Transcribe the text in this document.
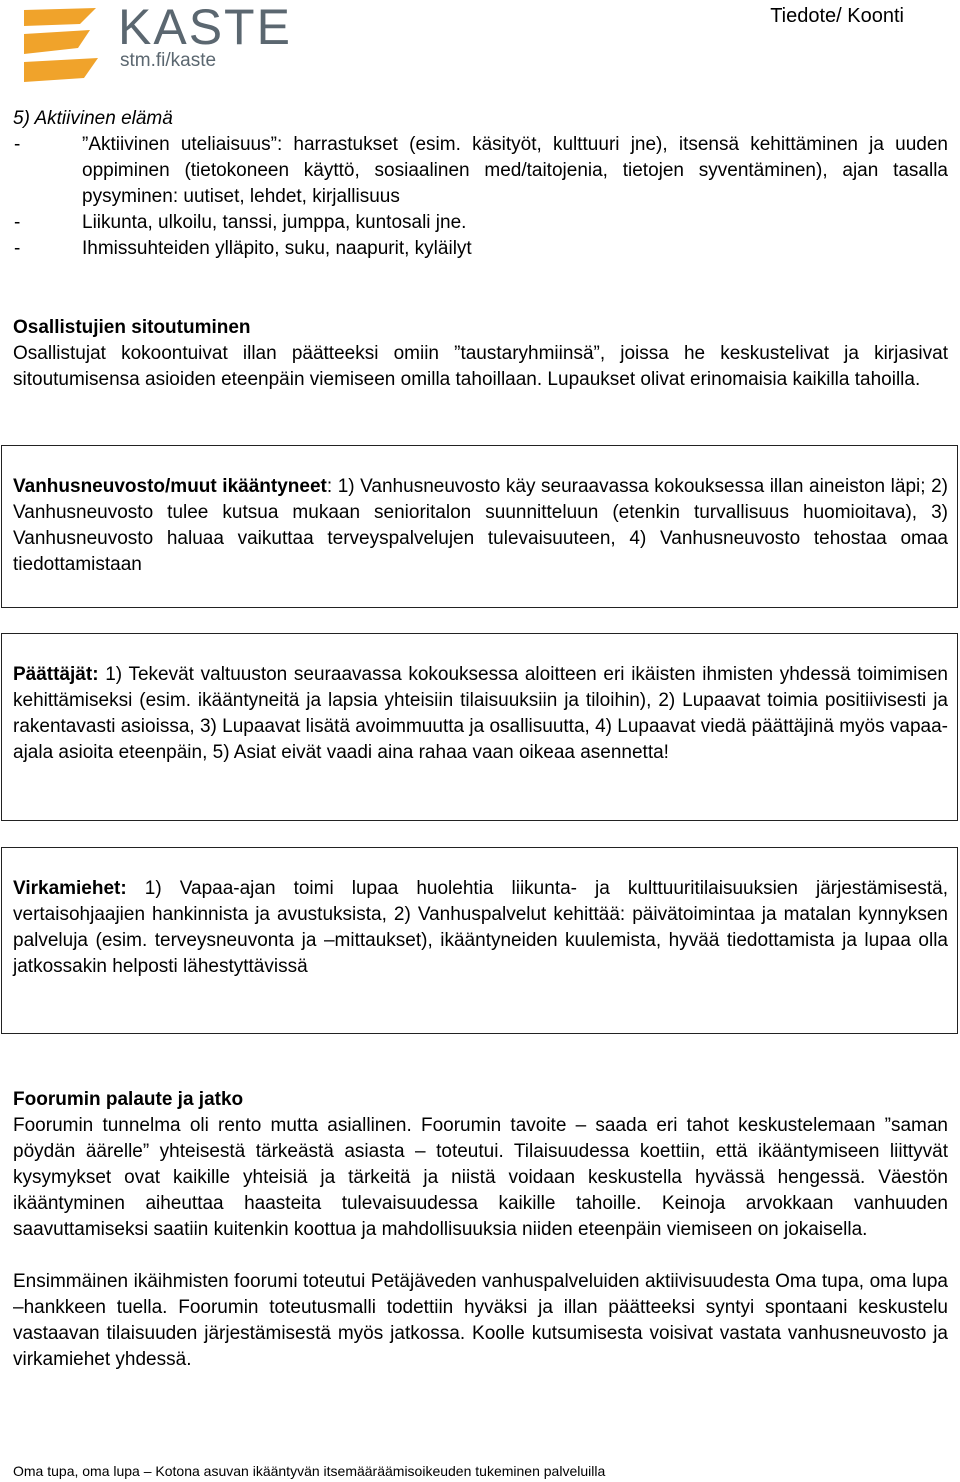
KASTE
stm.fi/kaste
Tiedote/ Koonti
5) Aktiivinen elämä
-	”Aktiivinen uteliaisuus”: harrastukset (esim. käsityöt, kulttuuri jne), itsensä kehittäminen ja uuden oppiminen (tietokoneen käyttö, sosiaalinen med/taitojenia, tietojen syventäminen), ajan tasalla pysyminen: uutiset, lehdet, kirjallisuus
-	Liikunta, ulkoilu, tanssi, jumppa, kuntosali jne.
-	Ihmissuhteiden ylläpito, suku, naapurit, kyläilyt
Osallistujien sitoutuminen
Osallistujat kokoontuivat illan päätteeksi omiin ”taustaryhmiinsä”, joissa he keskustelivat ja kirjasivat sitoutumisensa asioiden eteenpäin viemiseen omilla tahoillaan. Lupaukset olivat erinomaisia kaikilla tahoilla.
Vanhusneuvosto/muut ikääntyneet: 1) Vanhusneuvosto käy seuraavassa kokouksessa illan aineiston läpi; 2) Vanhusneuvosto tulee kutsua mukaan senioritalon suunnitteluun (etenkin turvallisuus huomioitava), 3) Vanhusneuvosto haluaa vaikuttaa terveyspalvelujen tulevaisuuteen, 4) Vanhusneuvosto tehostaa omaa tiedottamistaan
Päättäjät: 1) Tekevät valtuuston seuraavassa kokouksessa aloitteen eri ikäisten ihmisten yhdessä toimimisen kehittämiseksi (esim. ikääntyneitä ja lapsia yhteisiin tilaisuuksiin ja tiloihin), 2) Lupaavat toimia positiivisesti ja rakentavasti asioissa, 3) Lupaavat lisätä avoimmuutta ja osallisuutta, 4) Lupaavat viedä päättäjinä myös vapaa-ajala asioita eteenpäin, 5) Asiat eivät vaadi aina rahaa vaan oikeaa asennetta!
Virkamiehet: 1) Vapaa-ajan toimi lupaa huolehtia liikunta- ja kulttuuritilaisuuksien järjestämisestä, vertaisohjaajien hankinnista ja avustuksista, 2) Vanhuspalvelut kehittää: päivätoimintaa ja matalan kynnyksen palveluja (esim. terveysneuvonta ja –mittaukset), ikääntyneiden kuulemista, hyvää tiedottamista ja lupaa olla jatkossakin helposti lähestyttävissä
Foorumin palaute ja jatko
Foorumin tunnelma oli rento mutta asiallinen. Foorumin tavoite – saada eri tahot keskustelemaan ”saman pöydän äärelle” yhteisestä tärkeästä asiasta – toteutui. Tilaisuudessa koettiin, että ikääntymiseen liittyvät kysymykset ovat kaikille yhteisiä ja tärkeitä ja niistä voidaan keskustella hyvässä hengessä. Väestön ikääntyminen aiheuttaa haasteita tulevaisuudessa kaikille tahoille. Keinoja arvokkaan vanhuuden saavuttamiseksi saatiin kuitenkin koottua ja mahdollisuuksia niiden eteenpäin viemiseen on jokaisella.
Ensimmäinen ikäihmisten foorumi toteutui Petäjäveden vanhuspalveluiden aktiivisuudesta Oma tupa, oma lupa –hankkeen tuella. Foorumin toteutusmalli todettiin hyväksi ja illan päätteeksi syntyi spontaani keskustelu vastaavan tilaisuuden järjestämisestä myös jatkossa. Koolle kutsumisesta voisivat vastata vanhusneuvosto ja virkamiehet yhdessä.
Oma tupa, oma lupa – Kotona asuvan ikääntyvän itsemääräämisoikeuden tukeminen palveluilla
